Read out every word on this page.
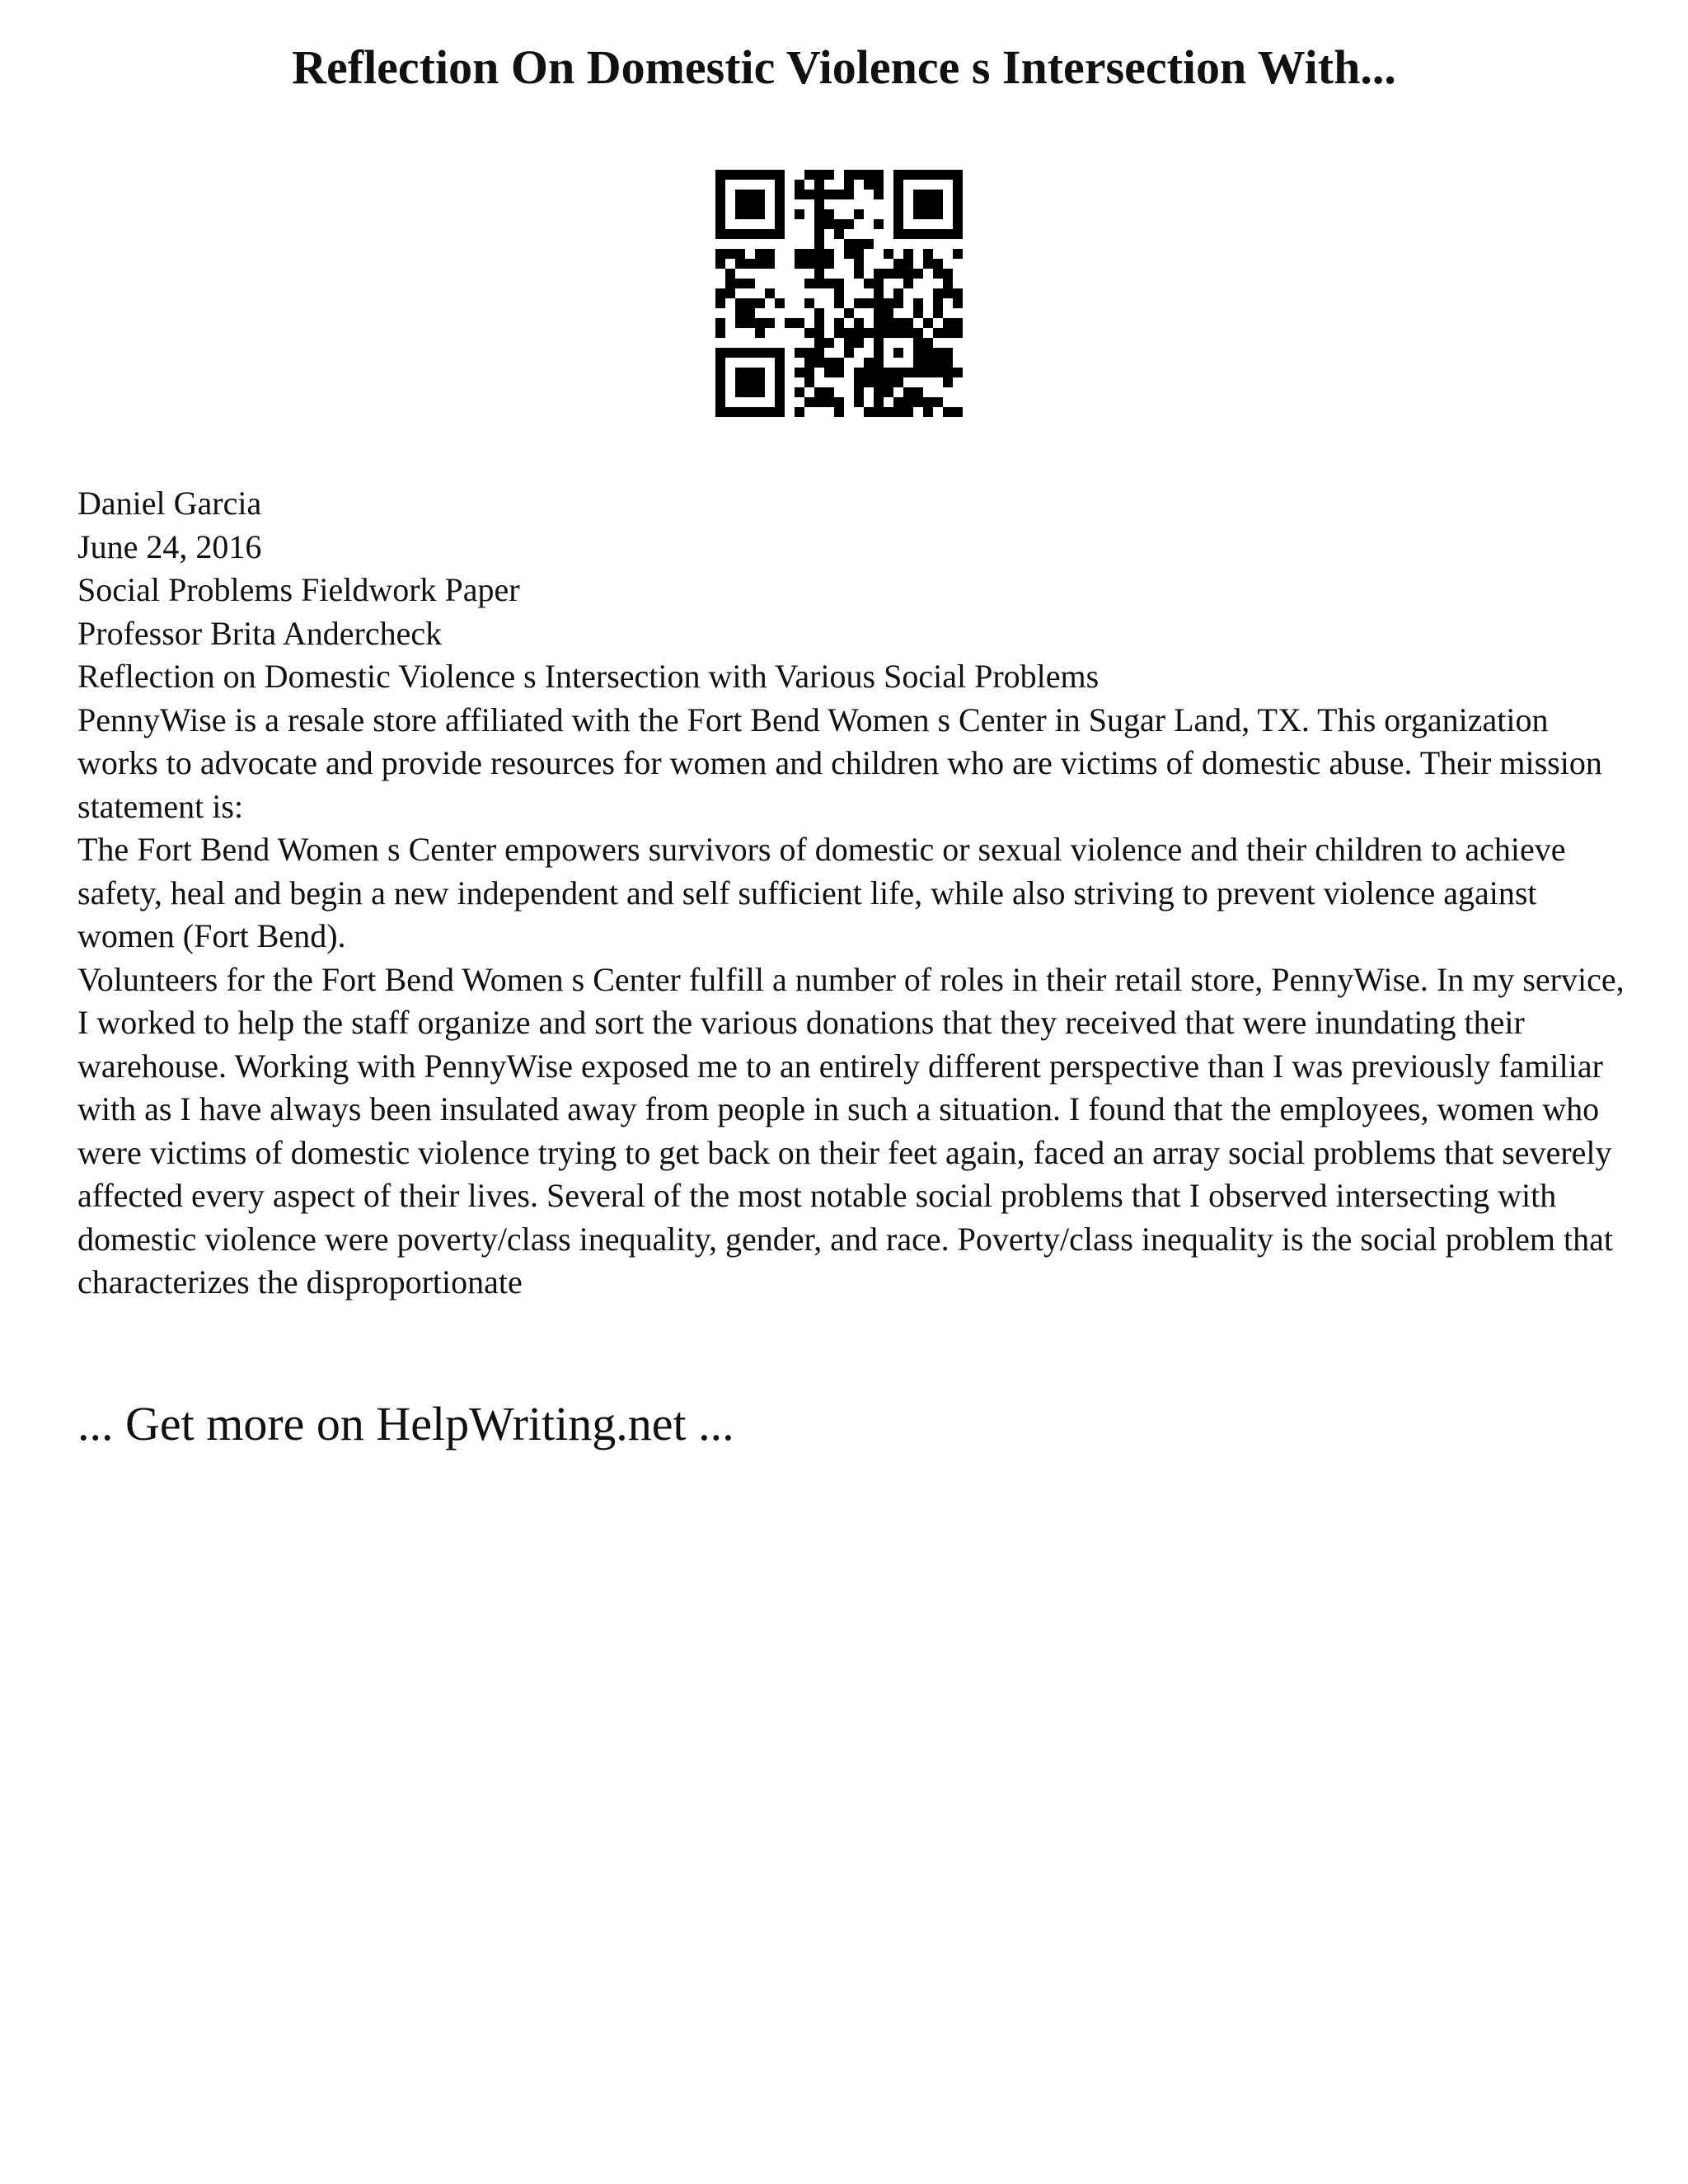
Reflection On Domestic Violence s Intersection With...

Daniel Garcia

June 24, 2016

Social Problems Fieldwork Paper

Professor Brita Andercheck

Reflection on Domestic Violence s Intersection with Various Social Problems

PennyWise is a resale store affiliated with the Fort Bend Women s Center in Sugar Land, TX. This organization works to advocate and provide resources for women and children who are victims of domestic abuse. Their mission statement is:

The Fort Bend Women s Center empowers survivors of domestic or sexual violence and their children to achieve safety, heal and begin a new independent and self sufficient life, while also striving to prevent violence against women (Fort Bend).

Volunteers for the Fort Bend Women s Center fulfill a number of roles in their retail store, PennyWise. In my service, I worked to help the staff organize and sort the various donations that they received that were inundating their warehouse. Working with PennyWise exposed me to an entirely different perspective than I was previously familiar with as I have always been insulated away from people in such a situation. I found that the employees, women who were victims of domestic violence trying to get back on their feet again, faced an array social problems that severely affected every aspect of their lives. Several of the most notable social problems that I observed intersecting with domestic violence were poverty/class inequality, gender, and race. Poverty/class inequality is the social problem that characterizes the disproportionate

... Get more on HelpWriting.net ...
